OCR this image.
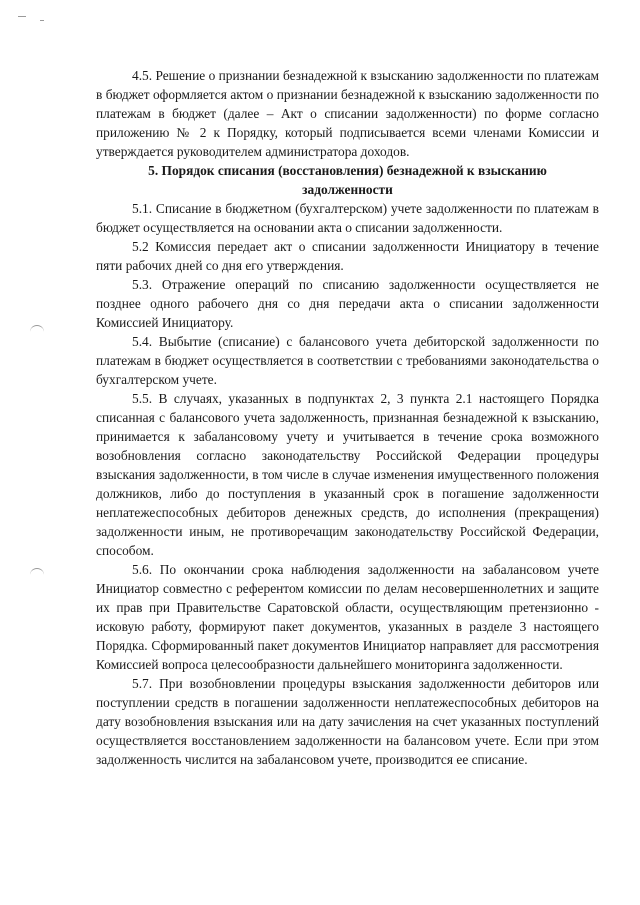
4.5. Решение о признании безнадежной к взысканию задолженности по платежам в бюджет оформляется актом о признании безнадежной к взысканию задолженности по платежам в бюджет (далее – Акт о списании задолженности) по форме согласно приложению № 2 к Порядку, который подписывается всеми членами Комиссии и утверждается руководителем администратора доходов.

5. Порядок списания (восстановления) безнадежной к взысканию задолженности

5.1. Списание в бюджетном (бухгалтерском) учете задолженности по платежам в бюджет осуществляется на основании акта о списании задолженности.

5.2 Комиссия передает акт о списании задолженности Инициатору в течение пяти рабочих дней со дня его утверждения.

5.3. Отражение операций по списанию задолженности осуществляется не позднее одного рабочего дня со дня передачи акта о списании задолженности Комиссией Инициатору.

5.4. Выбытие (списание) с балансового учета дебиторской задолженности по платежам в бюджет осуществляется в соответствии с требованиями законодательства о бухгалтерском учете.

5.5. В случаях, указанных в подпунктах 2, 3 пункта 2.1 настоящего Порядка списанная с балансового учета задолженность, признанная безнадежной к взысканию, принимается к забалансовому учету и учитывается в течение срока возможного возобновления согласно законодательству Российской Федерации процедуры взыскания задолженности, в том числе в случае изменения имущественного положения должников, либо до поступления в указанный срок в погашение задолженности неплатежеспособных дебиторов денежных средств, до исполнения (прекращения) задолженности иным, не противоречащим законодательству Российской Федерации, способом.

5.6. По окончании срока наблюдения задолженности на забалансовом учете Инициатор совместно с референтом комиссии по делам несовершеннолетних и защите их прав при Правительстве Саратовской области, осуществляющим претензионно - исковую работу, формируют пакет документов, указанных в разделе 3 настоящего Порядка. Сформированный пакет документов Инициатор направляет для рассмотрения Комиссией вопроса целесообразности дальнейшего мониторинга задолженности.

5.7. При возобновлении процедуры взыскания задолженности дебиторов или поступлении средств в погашении задолженности неплатежеспособных дебиторов на дату возобновления взыскания или на дату зачисления на счет указанных поступлений осуществляется восстановлением задолженности на балансовом учете. Если при этом задолженность числится на забалансовом учете, производится ее списание.
